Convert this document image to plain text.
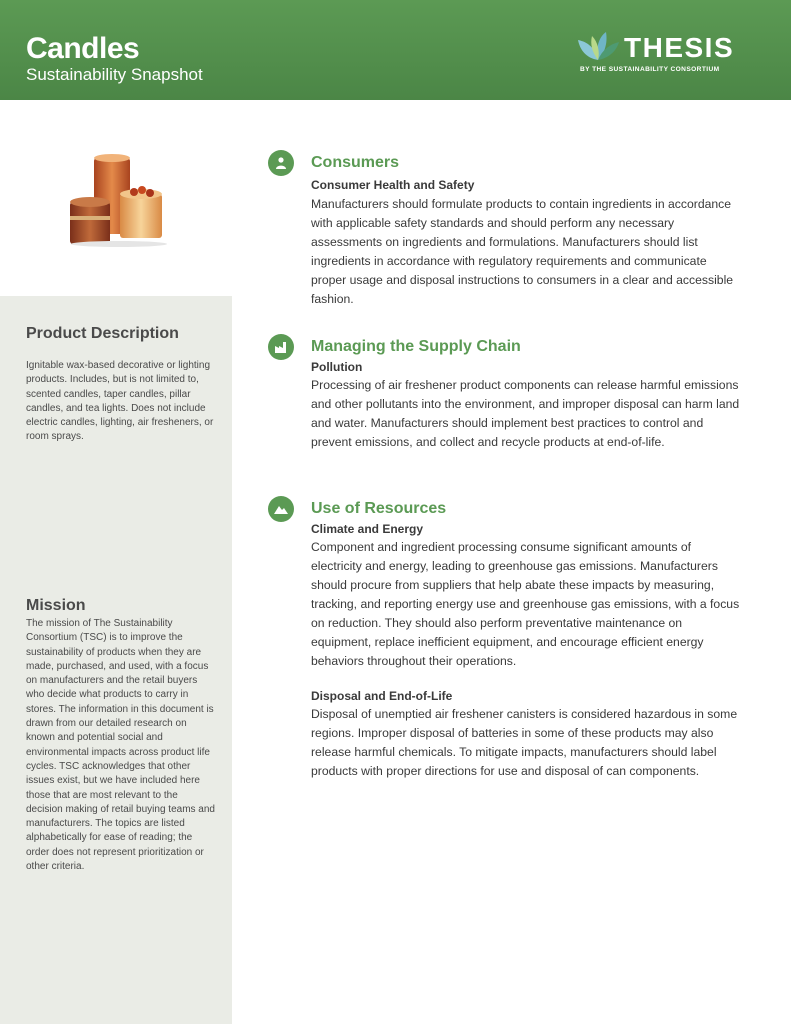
Candles
Sustainability Snapshot
THESIS
BY THE SUSTAINABILITY CONSORTIUM
Product Description
Ignitable wax-based decorative or lighting products. Includes, but is not limited to, scented candles, taper candles, pillar candles, and tea lights. Does not include electric candles, lighting, air fresheners, or room sprays.
Mission
The mission of The Sustainability Consortium (TSC) is to improve the sustainability of products when they are made, purchased, and used, with a focus on manufacturers and the retail buyers who decide what products to carry in stores. The information in this document is drawn from our detailed research on known and potential social and environmental impacts across product life cycles. TSC acknowledges that other issues exist, but we have included here those that are most relevant to the decision making of retail buying teams and manufacturers. The topics are listed alphabetically for ease of reading; the order does not represent prioritization or other criteria.
Consumers
Consumer Health and Safety
Manufacturers should formulate products to contain ingredients in accordance with applicable safety standards and should perform any necessary assessments on ingredients and formulations. Manufacturers should list ingredients in accordance with regulatory requirements and communicate proper usage and disposal instructions to consumers in a clear and accessible fashion.
Managing the Supply Chain
Pollution
Processing of air freshener product components can release harmful emissions and other pollutants into the environment, and improper disposal can harm land and water. Manufacturers should implement best practices to control and prevent emissions, and collect and recycle products at end-of-life.
Use of Resources
Climate and Energy
Component and ingredient processing consume significant amounts of electricity and energy, leading to greenhouse gas emissions. Manufacturers should procure from suppliers that help abate these impacts by measuring, tracking, and reporting energy use and greenhouse gas emissions, with a focus on reduction. They should also perform preventative maintenance on equipment, replace inefficient equipment, and encourage efficient energy behaviors throughout their operations.
Disposal and End-of-Life
Disposal of unemptied air freshener canisters is considered hazardous in some regions. Improper disposal of batteries in some of these products may also release harmful chemicals. To mitigate impacts, manufacturers should label products with proper directions for use and disposal of can components.
